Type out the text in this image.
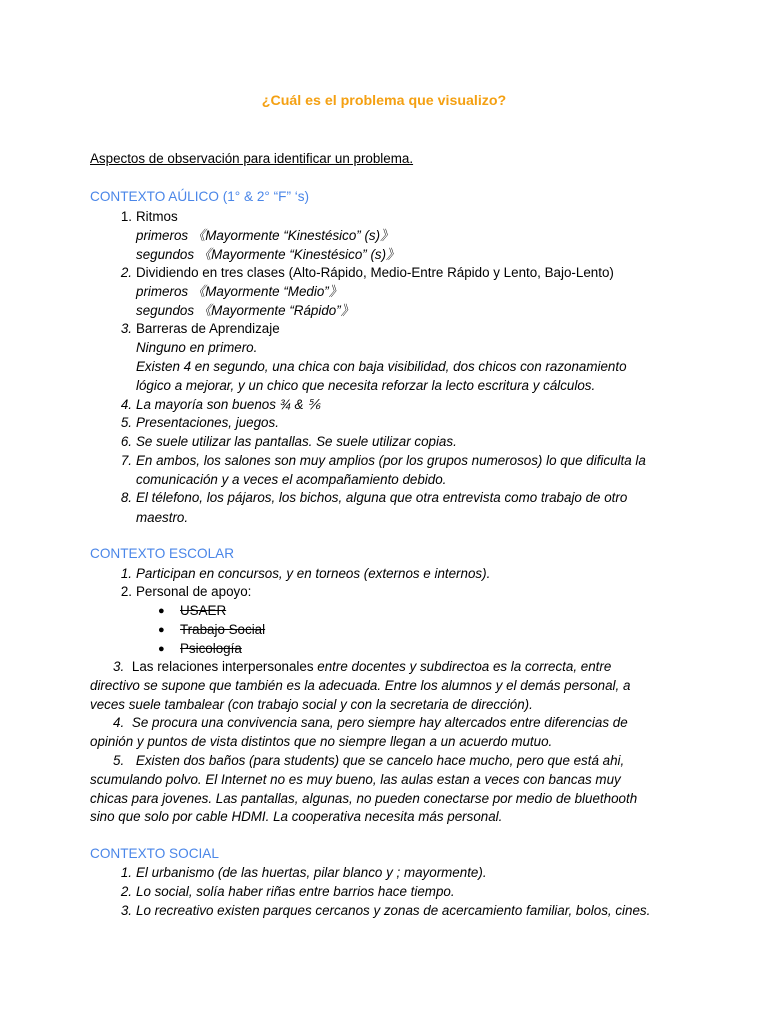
¿Cuál es el problema que visualizo?
Aspectos de observación para identificar un problema.
CONTEXTO AÚLICO (1° & 2° “F” ‘s)
1. Ritmos
primeros 《Mayormente “Kinestésico” (s)》
segundos 《Mayormente “Kinestésico” (s)》
2. Dividiendo en tres clases (Alto-Rápido, Medio-Entre Rápido y Lento, Bajo-Lento)
primeros 《Mayormente “Medio”》
segundos 《Mayormente “Rápido”》
3. Barreras de Aprendizaje
Ninguno en primero.
Existen 4 en segundo, una chica con baja visibilidad, dos chicos con razonamiento
lógico a mejorar, y un chico que necesita reforzar la lecto escritura y cálculos.
4. La mayoría son buenos ¾ & ⅚
5. Presentaciones, juegos.
6. Se suele utilizar las pantallas. Se suele utilizar copias.
7. En ambos, los salones son muy amplios (por los grupos numerosos) lo que dificulta la
comunicación y a veces el acompañamiento debido.
8. El télefono, los pájaros, los bichos, alguna que otra entrevista como trabajo de otro
maestro.
CONTEXTO ESCOLAR
1. Participan en concursos, y en torneos (externos e internos).
2. Personal de apoyo:
● USAER
● Trabajo Social
● Psicología
3. Las relaciones interpersonales entre docentes y subdirectoa es la correcta, entre
directivo se supone que también es la adecuada. Entre los alumnos y el demás personal, a
veces suele tambalear (con trabajo social y con la secretaria de dirección).
4. Se procura una convivencia sana, pero siempre hay altercados entre diferencias de
opinión y puntos de vista distintos que no siempre llegan a un acuerdo mutuo.
5. Existen dos baños (para students) que se cancelo hace mucho, pero que está ahi,
scumulando polvo. El Internet no es muy bueno, las aulas estan a veces con bancas muy
chicas para jovenes. Las pantallas, algunas, no pueden conectarse por medio de bluethooth
sino que solo por cable HDMI. La cooperativa necesita más personal.
CONTEXTO SOCIAL
1. El urbanismo (de las huertas, pilar blanco y ; mayormente).
2. Lo social, solía haber riñas entre barrios hace tiempo.
3. Lo recreativo existen parques cercanos y zonas de acercamiento familiar, bolos, cines.
